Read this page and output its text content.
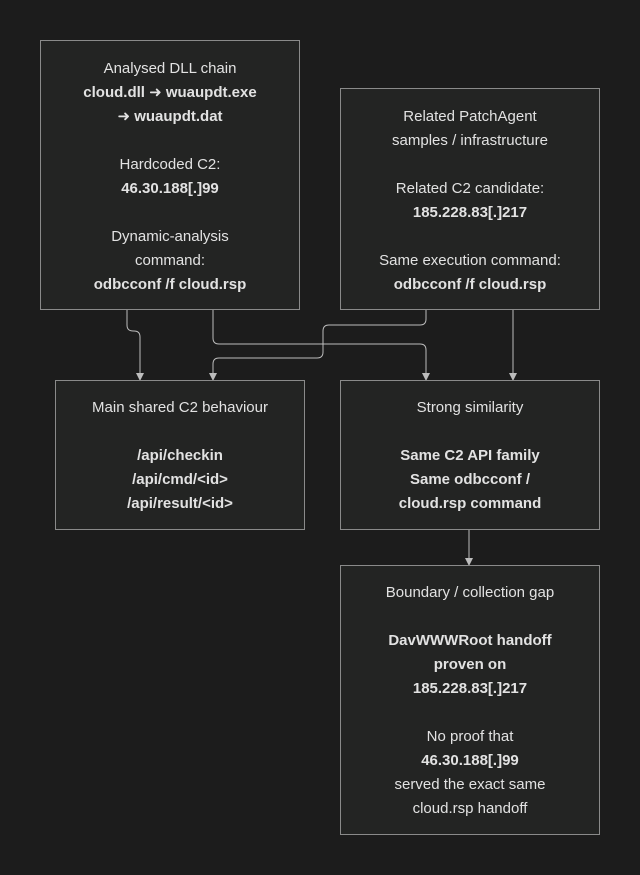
Analysed DLL chain
cloud.dll ➜ wuaupdt.exe
➜ wuaupdt.dat
Hardcoded C2:
46.30.188[.]99
Dynamic-analysis
command:
odbcconf /f cloud.rsp
Related PatchAgent
samples / infrastructure
Related C2 candidate:
185.228.83[.]217
Same execution command:
odbcconf /f cloud.rsp
Main shared C2 behaviour
/api/checkin
/api/cmd/<id>
/api/result/<id>
Strong similarity
Same C2 API family
Same odbcconf /
cloud.rsp command
Boundary / collection gap
DavWWWRoot handoff
proven on
185.228.83[.]217
No proof that
46.30.188[.]99
served the exact same
cloud.rsp handoff
